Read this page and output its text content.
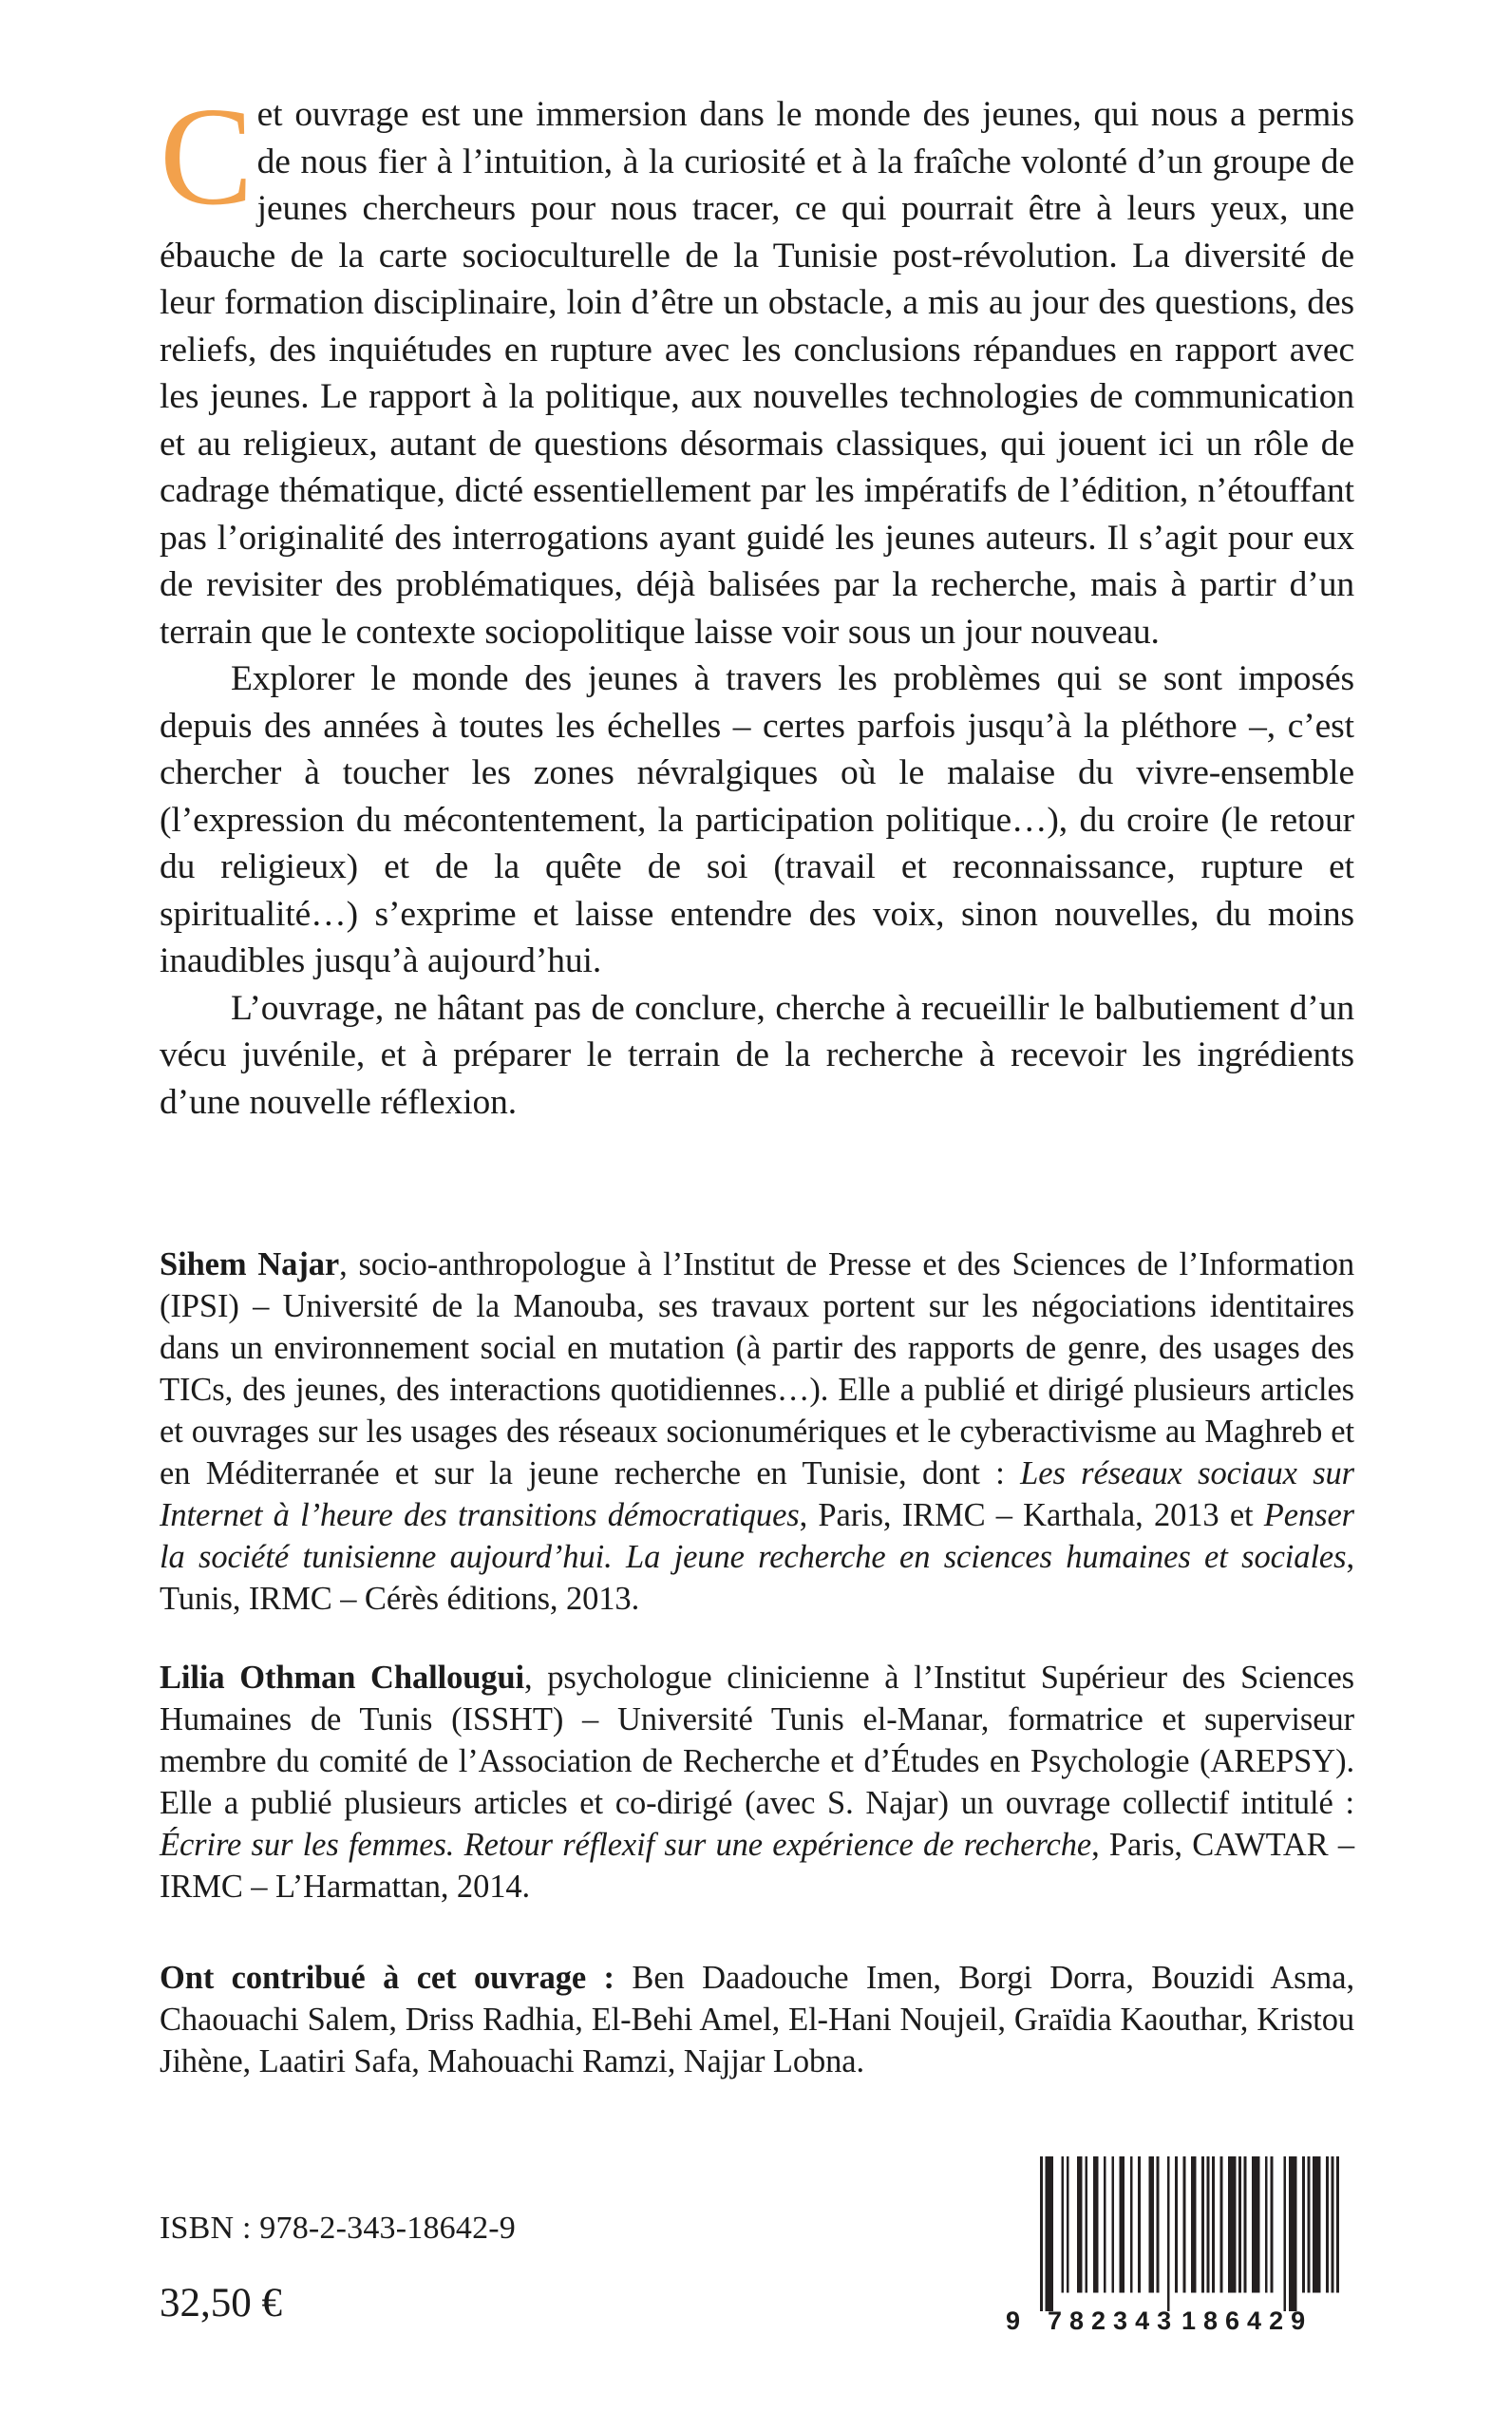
Cet ouvrage est une immersion dans le monde des jeunes, qui nous a permis de nous fier à l’intuition, à la curiosité et à la fraîche volonté d’un groupe de jeunes chercheurs pour nous tracer, ce qui pourrait être à leurs yeux, une ébauche de la carte socioculturelle de la Tunisie post-révolution. La diversité de leur formation disciplinaire, loin d’être un obstacle, a mis au jour des questions, des reliefs, des inquiétudes en rupture avec les conclusions répandues en rapport avec les jeunes. Le rapport à la politique, aux nouvelles technologies de communication et au religieux, autant de questions désormais classiques, qui jouent ici un rôle de cadrage thématique, dicté essentiellement par les impératifs de l’édition, n’étouffant pas l’originalité des interrogations ayant guidé les jeunes auteurs. Il s’agit pour eux de revisiter des problématiques, déjà balisées par la recherche, mais à partir d’un terrain que le contexte sociopolitique laisse voir sous un jour nouveau.

Explorer le monde des jeunes à travers les problèmes qui se sont imposés depuis des années à toutes les échelles – certes parfois jusqu’à la pléthore –, c’est chercher à toucher les zones névralgiques où le malaise du vivre-ensemble (l’expression du mécontentement, la participation politique…), du croire (le retour du religieux) et de la quête de soi (travail et reconnaissance, rupture et spiritualité…) s’exprime et laisse entendre des voix, sinon nouvelles, du moins inaudibles jusqu’à aujourd’hui.

L’ouvrage, ne hâtant pas de conclure, cherche à recueillir le balbutiement d’un vécu juvénile, et à préparer le terrain de la recherche à recevoir les ingrédients d’une nouvelle réflexion.

Sihem Najar, socio-anthropologue à l’Institut de Presse et des Sciences de l’Information (IPSI) – Université de la Manouba, ses travaux portent sur les négociations identitaires dans un environnement social en mutation (à partir des rapports de genre, des usages des TICs, des jeunes, des interactions quotidiennes…). Elle a publié et dirigé plusieurs articles et ouvrages sur les usages des réseaux socionumériques et le cyberactivisme au Maghreb et en Méditerranée et sur la jeune recherche en Tunisie, dont : Les réseaux sociaux sur Internet à l’heure des transitions démocratiques, Paris, IRMC – Karthala, 2013 et Penser la société tunisienne aujourd’hui. La jeune recherche en sciences humaines et sociales, Tunis, IRMC – Cérès éditions, 2013.

Lilia Othman Challougui, psychologue clinicienne à l’Institut Supérieur des Sciences Humaines de Tunis (ISSHT) – Université Tunis el-Manar, formatrice et superviseur membre du comité de l’Association de Recherche et d’Études en Psychologie (AREPSY). Elle a publié plusieurs articles et co-dirigé (avec S. Najar) un ouvrage collectif intitulé : Écrire sur les femmes. Retour réflexif sur une expérience de recherche, Paris, CAWTAR – IRMC – L’Harmattan, 2014.

Ont contribué à cet ouvrage : Ben Daadouche Imen, Borgi Dorra, Bouzidi Asma, Chaouachi Salem, Driss Radhia, El-Behi Amel, El-Hani Noujeil, Graïdia Kaouthar, Kristou Jihène, Laatiri Safa, Mahouachi Ramzi, Najjar Lobna.

ISBN : 978-2-343-18642-9
32,50 €	9 782343 186429
